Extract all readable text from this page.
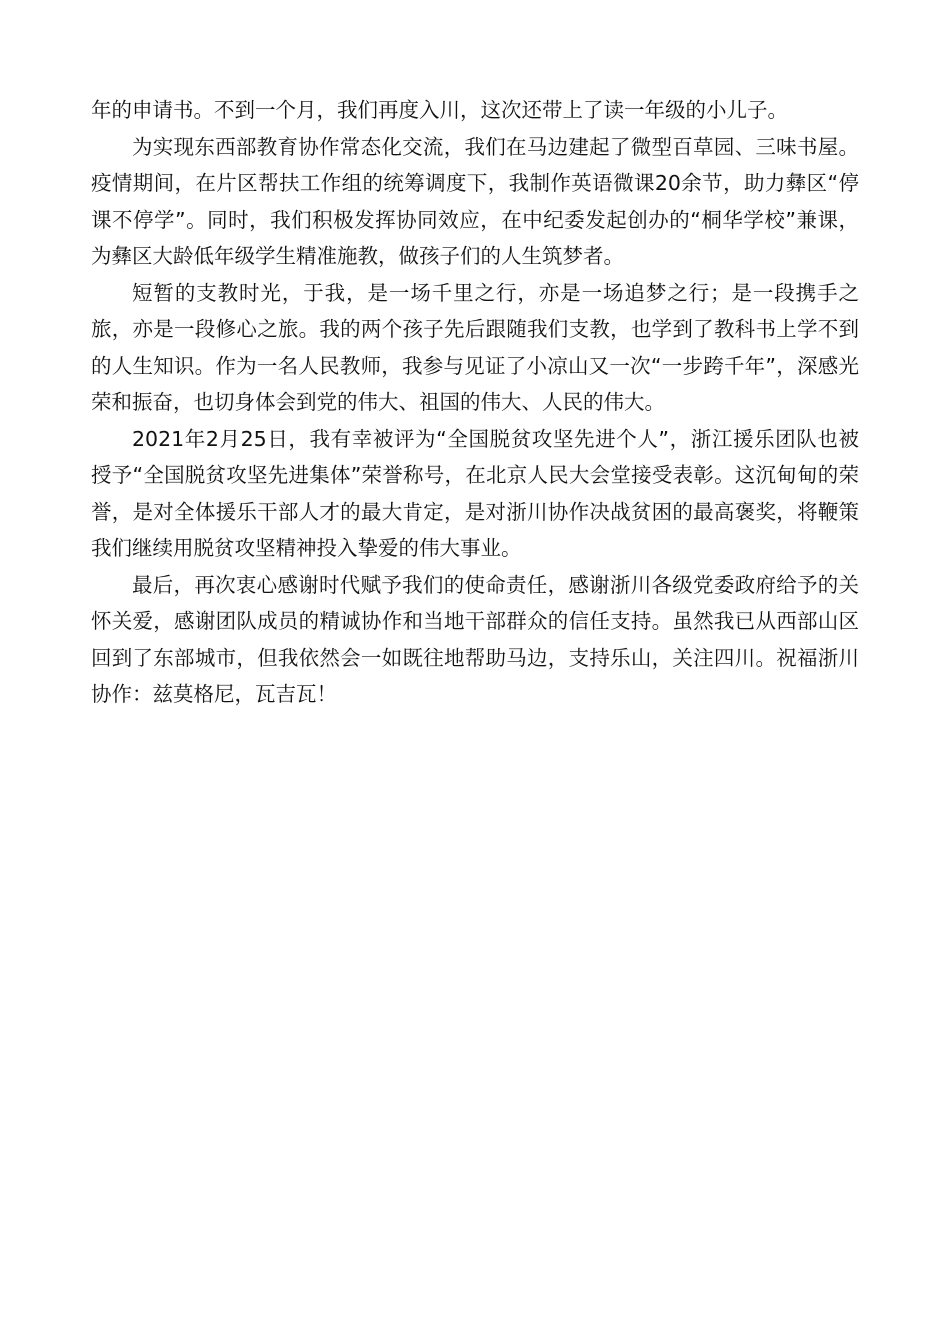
年的申请书。不到一个月，我们再度入川，这次还带上了读一年级的小儿子。

为实现东西部教育协作常态化交流，我们在马边建起了微型百草园、三味书屋。疫情期间，在片区帮扶工作组的统筹调度下，我制作英语微课20余节，助力彝区“停课不停学”。同时，我们积极发挥协同效应，在中纪委发起创办的“桐华学校”兼课，为彝区大龄低年级学生精准施教，做孩子们的人生筑梦者。

短暂的支教时光，于我，是一场千里之行，亦是一场追梦之行；是一段携手之旅，亦是一段修心之旅。我的两个孩子先后跟随我们支教，也学到了教科书上学不到的人生知识。作为一名人民教师，我参与见证了小凉山又一次“一步跨千年”，深感光荣和振奋，也切身体会到党的伟大、祖国的伟大、人民的伟大。

2021年2月25日，我有幸被评为“全国脱贫攻坚先进个人”，浙江援乐团队也被授予“全国脱贫攻坚先进集体”荣誉称号，在北京人民大会堂接受表彰。这沉甸甸的荣誉，是对全体援乐干部人才的最大肯定，是对浙川协作决战贫困的最高褒奖，将鞭策我们继续用脱贫攻坚精神投入挚爱的伟大事业。

最后，再次衷心感谢时代赋予我们的使命责任，感谢浙川各级党委政府给予的关怀关爱，感谢团队成员的精诚协作和当地干部群众的信任支持。虽然我已从西部山区回到了东部城市，但我依然会一如既往地帮助马边，支持乐山，关注四川。祝福浙川协作：兹莫格尼，瓦吉瓦！
